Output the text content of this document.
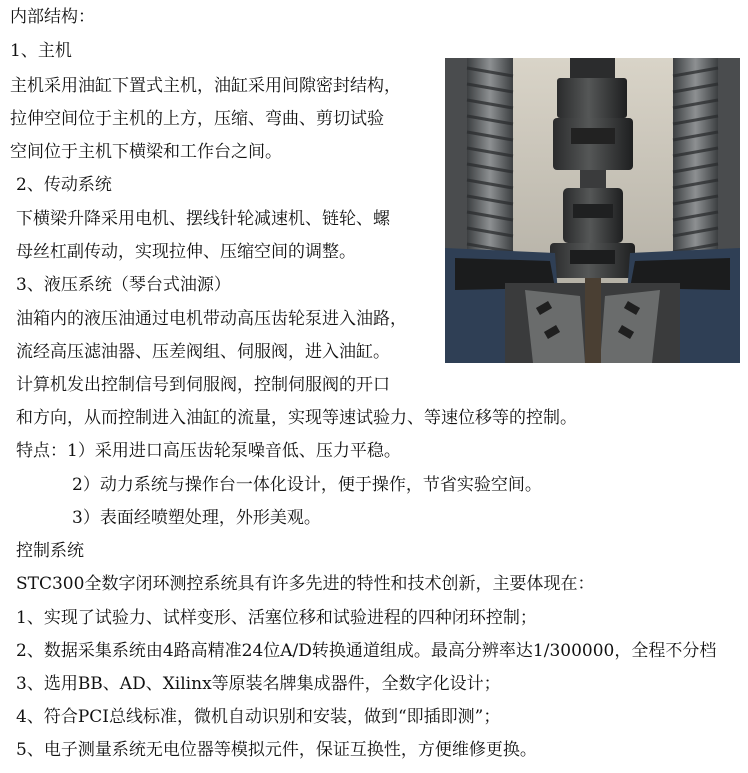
内部结构：
1、主机
主机采用油缸下置式主机，油缸采用间隙密封结构，
拉伸空间位于主机的上方，压缩、弯曲、剪切试验
空间位于主机下横梁和工作台之间。
2、传动系统
下横梁升降采用电机、摆线针轮减速机、链轮、螺
母丝杠副传动，实现拉伸、压缩空间的调整。
3、液压系统（琴台式油源）
油箱内的液压油通过电机带动高压齿轮泵进入油路，
流经高压滤油器、压差阀组、伺服阀，进入油缸。
计算机发出控制信号到伺服阀，控制伺服阀的开口
和方向，从而控制进入油缸的流量，实现等速试验力、等速位移等的控制。
特点：1）采用进口高压齿轮泵噪音低、压力平稳。
2）动力系统与操作台一体化设计，便于操作，节省实验空间。
3）表面经喷塑处理，外形美观。
控制系统
STC300全数字闭环测控系统具有许多先进的特性和技术创新，主要体现在：
1、实现了试验力、试样变形、活塞位移和试验进程的四种闭环控制；
2、数据采集系统由4路高精准24位A/D转换通道组成。最高分辨率达1/300000，全程不分档
3、选用BB、AD、Xilinx等原装名牌集成器件，全数字化设计；
4、符合PCI总线标准，微机自动识别和安装，做到“即插即测”；
5、电子测量系统无电位器等模拟元件，保证互换性，方便维修更换。
